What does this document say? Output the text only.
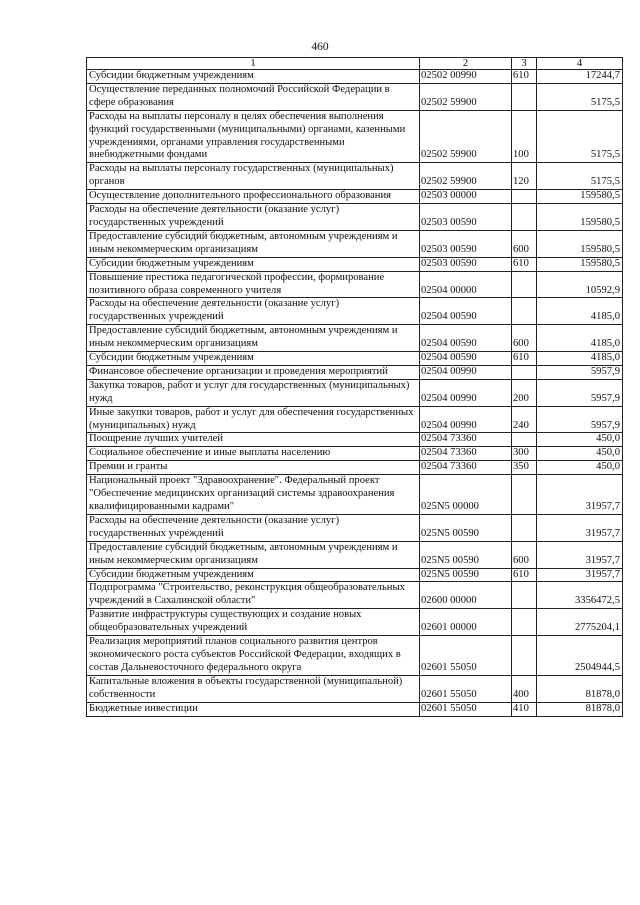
460
1	2	3	4
Субсидии бюджетным учреждениям	02502 00990	610	17244,7
Осуществление переданных полномочий Российской Федерации в сфере образования	02502 59900		5175,5
Расходы на выплаты персоналу в целях обеспечения выполнения функций государственными (муниципальными) органами, казенными учреждениями, органами управления государственными внебюджетными фондами	02502 59900	100	5175,5
Расходы на выплаты персоналу государственных (муниципальных) органов	02502 59900	120	5175,5
Осуществление дополнительного профессионального образования	02503 00000		159580,5
Расходы на обеспечение деятельности (оказание услуг) государственных учреждений	02503 00590		159580,5
Предоставление субсидий бюджетным, автономным учреждениям и иным некоммерческим организациям	02503 00590	600	159580,5
Субсидии бюджетным учреждениям	02503 00590	610	159580,5
Повышение престижа педагогической профессии, формирование позитивного образа современного учителя	02504 00000		10592,9
Расходы на обеспечение деятельности (оказание услуг) государственных учреждений	02504 00590		4185,0
Предоставление субсидий бюджетным, автономным учреждениям и иным некоммерческим организациям	02504 00590	600	4185,0
Субсидии бюджетным учреждениям	02504 00590	610	4185,0
Финансовое обеспечение организации и проведения мероприятий	02504 00990		5957,9
Закупка товаров, работ и услуг для государственных (муниципальных) нужд	02504 00990	200	5957,9
Иные закупки товаров, работ и услуг для обеспечения государственных (муниципальных) нужд	02504 00990	240	5957,9
Поощрение лучших учителей	02504 73360		450,0
Социальное обеспечение и иные выплаты населению	02504 73360	300	450,0
Премии и гранты	02504 73360	350	450,0
Национальный проект "Здравоохранение". Федеральный проект "Обеспечение медицинских организаций системы здравоохранения квалифицированными кадрами"	025N5 00000		31957,7
Расходы на обеспечение деятельности (оказание услуг) государственных учреждений	025N5 00590		31957,7
Предоставление субсидий бюджетным, автономным учреждениям и иным некоммерческим организациям	025N5 00590	600	31957,7
Субсидии бюджетным учреждениям	025N5 00590	610	31957,7
Подпрограмма "Строительство, реконструкция общеобразовательных учреждений в Сахалинской области"	02600 00000		3356472,5
Развитие инфраструктуры существующих и создание новых общеобразовательных учреждений	02601 00000		2775204,1
Реализация мероприятий планов социального развития центров экономического роста субъектов Российской Федерации, входящих в состав Дальневосточного федерального округа	02601 55050		2504944,5
Капитальные вложения в объекты государственной (муниципальной) собственности	02601 55050	400	81878,0
Бюджетные инвестиции	02601 55050	410	81878,0
